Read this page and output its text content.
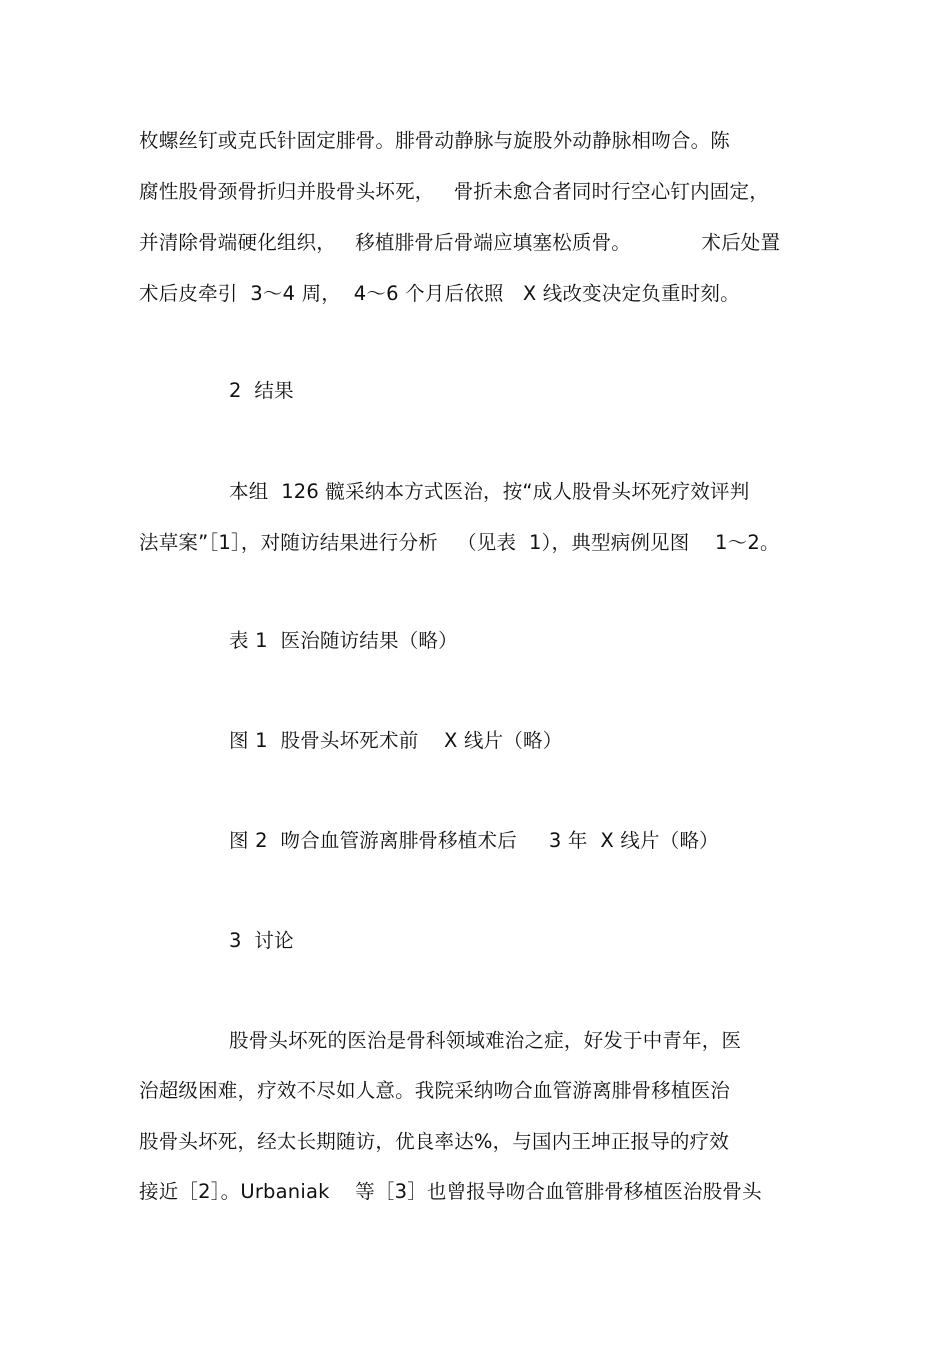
枚螺丝钉或克氏针固定腓骨。腓骨动静脉与旋股外动静脉相吻合。陈
腐性股骨颈骨折归并股骨头坏死，   骨折未愈合者同时行空心钉内固定，
并清除骨端硬化组织，   移植腓骨后骨端应填塞松质骨。           术后处置
术后皮牵引  3～4 周，  4～6 个月后依照   X 线改变决定负重时刻。
2  结果
本组  126 髋采纳本方式医治，按“成人股骨头坏死疗效评判
法草案”［1］，对随访结果进行分析   （见表  1），典型病例见图    1～2。
表 1  医治随访结果（略）
图 1  股骨头坏死术前    X 线片（略）
图 2  吻合血管游离腓骨移植术后     3 年  X 线片（略）
3  讨论
股骨头坏死的医治是骨科领域难治之症，好发于中青年，医
治超级困难，疗效不尽如人意。我院采纳吻合血管游离腓骨移植医治
股骨头坏死，经太长期随访，优良率达%，与国内王坤正报导的疗效
接近［2］。Urbaniak    等［3］也曾报导吻合血管腓骨移植医治股骨头
